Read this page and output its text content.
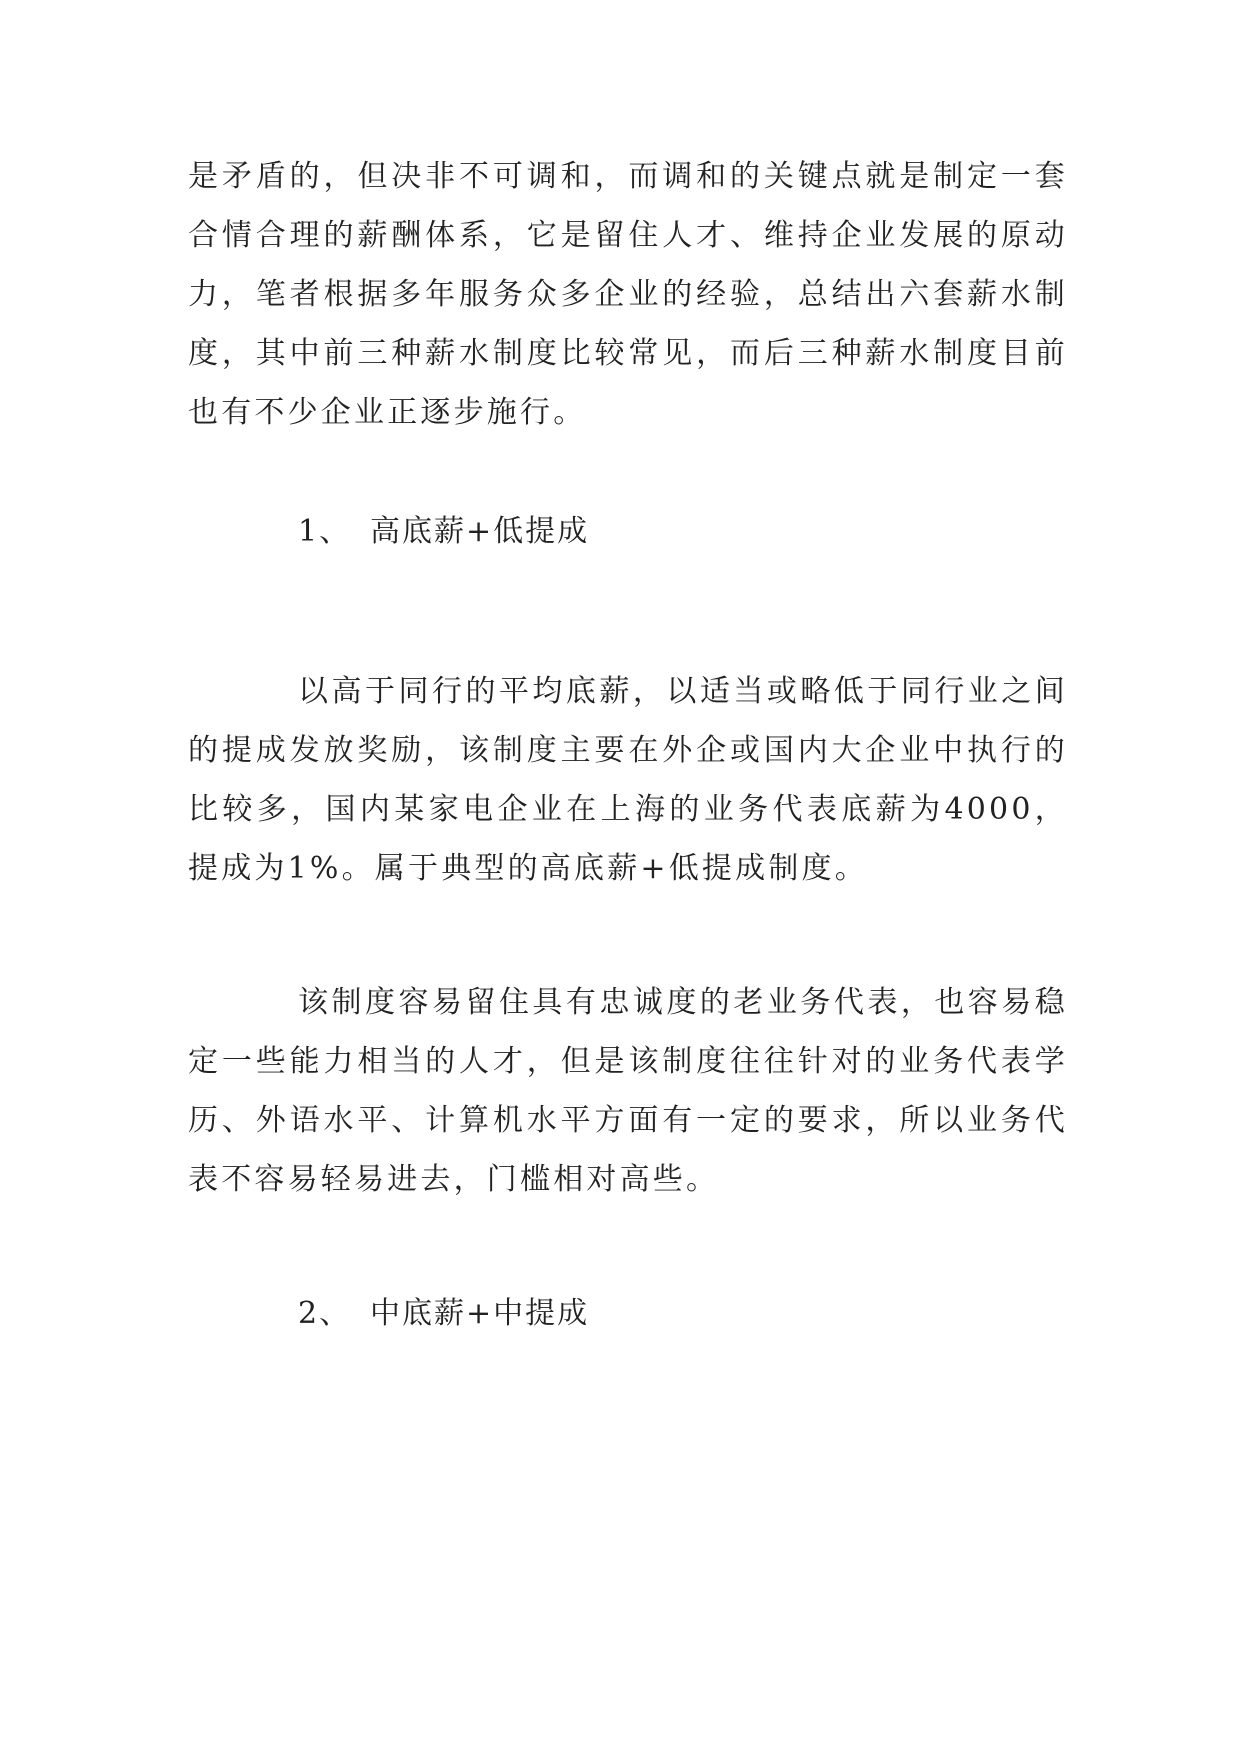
是矛盾的，但决非不可调和，而调和的关键点就是制定一套合情合理的薪酬体系，它是留住人才、维持企业发展的原动力，笔者根据多年服务众多企业的经验，总结出六套薪水制度，其中前三种薪水制度比较常见，而后三种薪水制度目前也有不少企业正逐步施行。

1、 高底薪+低提成

以高于同行的平均底薪，以适当或略低于同行业之间的提成发放奖励，该制度主要在外企或国内大企业中执行的比较多，国内某家电企业在上海的业务代表底薪为4000，提成为1%。属于典型的高底薪+低提成制度。

该制度容易留住具有忠诚度的老业务代表，也容易稳定一些能力相当的人才，但是该制度往往针对的业务代表学历、外语水平、计算机水平方面有一定的要求，所以业务代表不容易轻易进去，门槛相对高些。

2、 中底薪+中提成
